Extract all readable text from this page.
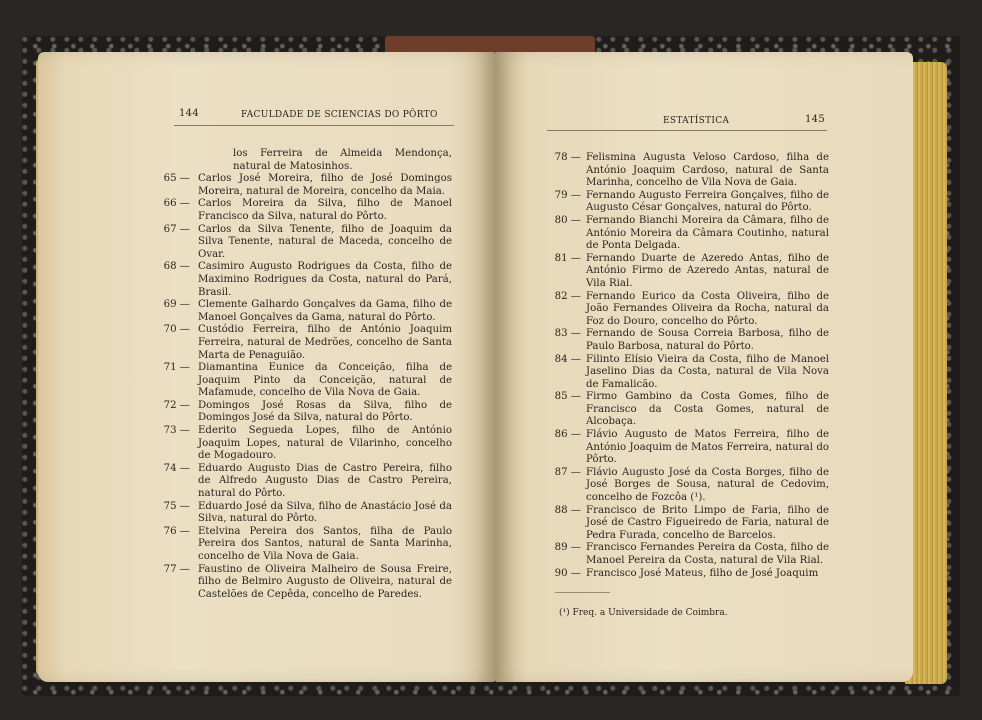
144	FACULDADE DE SCIENCIAS DO PÔRTO

los Ferreira de Almeida Mendonça, natural de Matosinhos.

65 — Carlos José Moreira, filho de José Domingos Moreira, natural de Moreira, concelho da Maia.

66 — Carlos Moreira da Silva, filho de Manoel Francisco da Silva, natural do Pôrto.

67 — Carlos da Silva Tenente, filho de Joaquim da Silva Tenente, natural de Maceda, concelho de Ovar.

68 — Casimiro Augusto Rodrigues da Costa, filho de Maximino Rodrigues da Costa, natural do Pará, Brasil.

69 — Clemente Galhardo Gonçalves da Gama, filho de Manoel Gonçalves da Gama, natural do Pôrto.

70 — Custódio Ferreira, filho de António Joaquim Ferreira, natural de Medrões, concelho de Santa Marta de Penaguião.

71 — Diamantina Eunice da Conceição, filha de Joaquim Pinto da Conceição, natural de Mafamude, concelho de Vila Nova de Gaia.

72 — Domingos José Rosas da Silva, filho de Domingos José da Silva, natural do Pôrto.

73 — Ederito Segueda Lopes, filho de António Joaquim Lopes, natural de Vilarinho, concelho de Mogadouro.

74 — Eduardo Augusto Dias de Castro Pereira, filho de Alfredo Augusto Dias de Castro Pereira, natural do Pôrto.

75 — Eduardo José da Silva, filho de Anastácio José da Silva, natural do Pôrto.

76 — Etelvina Pereira dos Santos, filha de Paulo Pereira dos Santos, natural de Santa Marinha, concelho de Vila Nova de Gaia.

77 — Faustino de Oliveira Malheiro de Sousa Freire, filho de Belmiro Augusto de Oliveira, natural de Castelões de Cepêda, concelho de Paredes.

ESTATÍSTICA	145

78 — Felismina Augusta Veloso Cardoso, filha de António Joaquim Cardoso, natural de Santa Marinha, concelho de Vila Nova de Gaia.

79 — Fernando Augusto Ferreira Gonçalves, filho de Augusto César Gonçalves, natural do Pôrto.

80 — Fernando Bianchi Moreira da Câmara, filho de António Moreira da Câmara Coutinho, natural de Ponta Delgada.

81 — Fernando Duarte de Azeredo Antas, filho de António Firmo de Azeredo Antas, natural de Vila Rial.

82 — Fernando Eurico da Costa Oliveira, filho de João Fernandes Oliveira da Rocha, natural da Foz do Douro, concelho do Pôrto.

83 — Fernando de Sousa Correia Barbosa, filho de Paulo Barbosa, natural do Pôrto.

84 — Filinto Elísio Vieira da Costa, filho de Manoel Jaselino Dias da Costa, natural de Vila Nova de Famalicão.

85 — Firmo Gambino da Costa Gomes, filho de Francisco da Costa Gomes, natural de Alcobaça.

86 — Flávio Augusto de Matos Ferreira, filho de António Joaquim de Matos Ferreira, natural do Pôrto.

87 — Flávio Augusto José da Costa Borges, filho de José Borges de Sousa, natural de Cedovim, concelho de Fozcôa (¹).

88 — Francisco de Brito Limpo de Faria, filho de José de Castro Figueiredo de Faria, natural de Pedra Furada, concelho de Barcelos.

89 — Francisco Fernandes Pereira da Costa, filho de Manoel Pereira da Costa, natural de Vila Rial.

90 — Francisco José Mateus, filho de José Joaquim

(¹) Freq. a Universidade de Coimbra.
